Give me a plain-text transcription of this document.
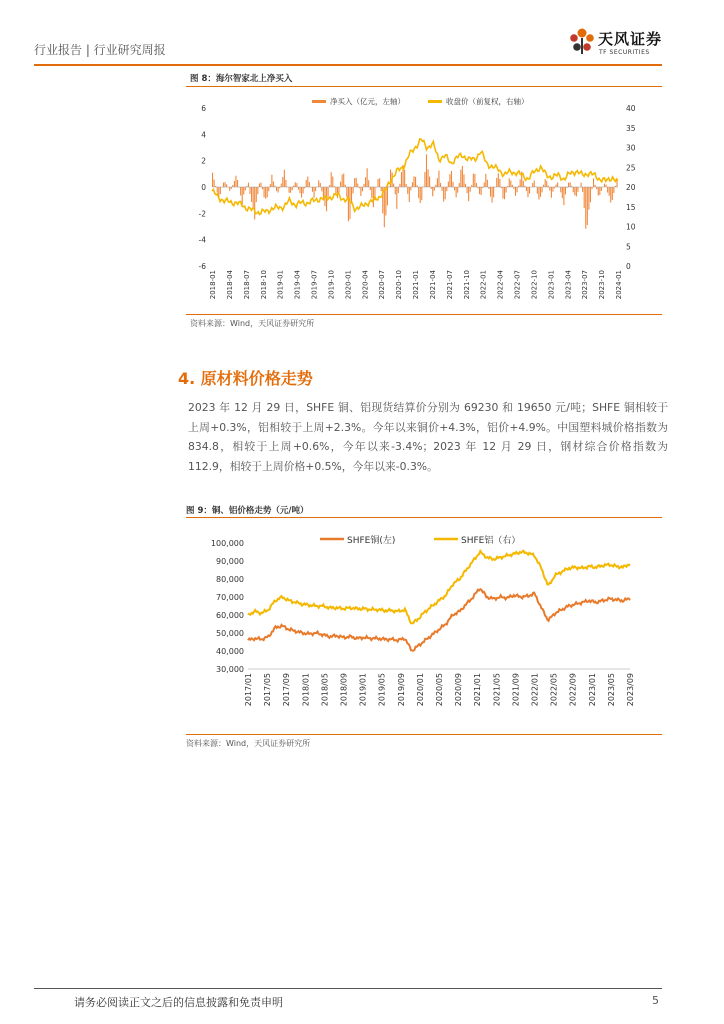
行业报告 | 行业研究周报
天风证券
TF SECURITIES
图 8：海尔智家北上净买入
6
4
2
0
-2
-4
-6
40
35
30
25
20
15
10
5
0
2018-01 2018-04 2018-07 2018-10 2019-01 2019-04 2019-07 2019-10 2020-01 2020-04 2020-07 2020-10 2021-01 2021-04 2021-07 2021-10 2022-01 2022-04 2022-07 2022-10 2023-01 2023-04 2023-07 2023-10 2024-01
净买入（亿元，左轴）	收盘价（前复权，右轴）
资料来源：Wind，天风证券研究所
4. 原材料价格走势
2023 年 12 月 29 日，SHFE 铜、铝现货结算价分别为 69230 和 19650 元/吨；SHFE 铜相较于上周+0.3%，铝相较于上周+2.3%。今年以来铜价+4.3%，铝价+4.9%。中国塑料城价格指数为 834.8，相较于上周+0.6%，今年以来-3.4%；2023 年 12 月 29 日，钢材综合价格指数为 112.9，相较于上周价格+0.5%，今年以来-0.3%。
图 9：铜、铝价格走势（元/吨）
100,000
90,000
80,000
70,000
60,000
50,000
40,000
30,000
2017/01 2017/05 2017/09 2018/01 2018/05 2018/09 2019/01 2019/05 2019/09 2020/01 2020/05 2020/09 2021/01 2021/05 2021/09 2022/01 2022/05 2022/09 2023/01 2023/05 2023/09
SHFE铜(左)	SHFE铝（右）
资料来源：Wind，天风证券研究所
请务必阅读正文之后的信息披露和免责申明	5
